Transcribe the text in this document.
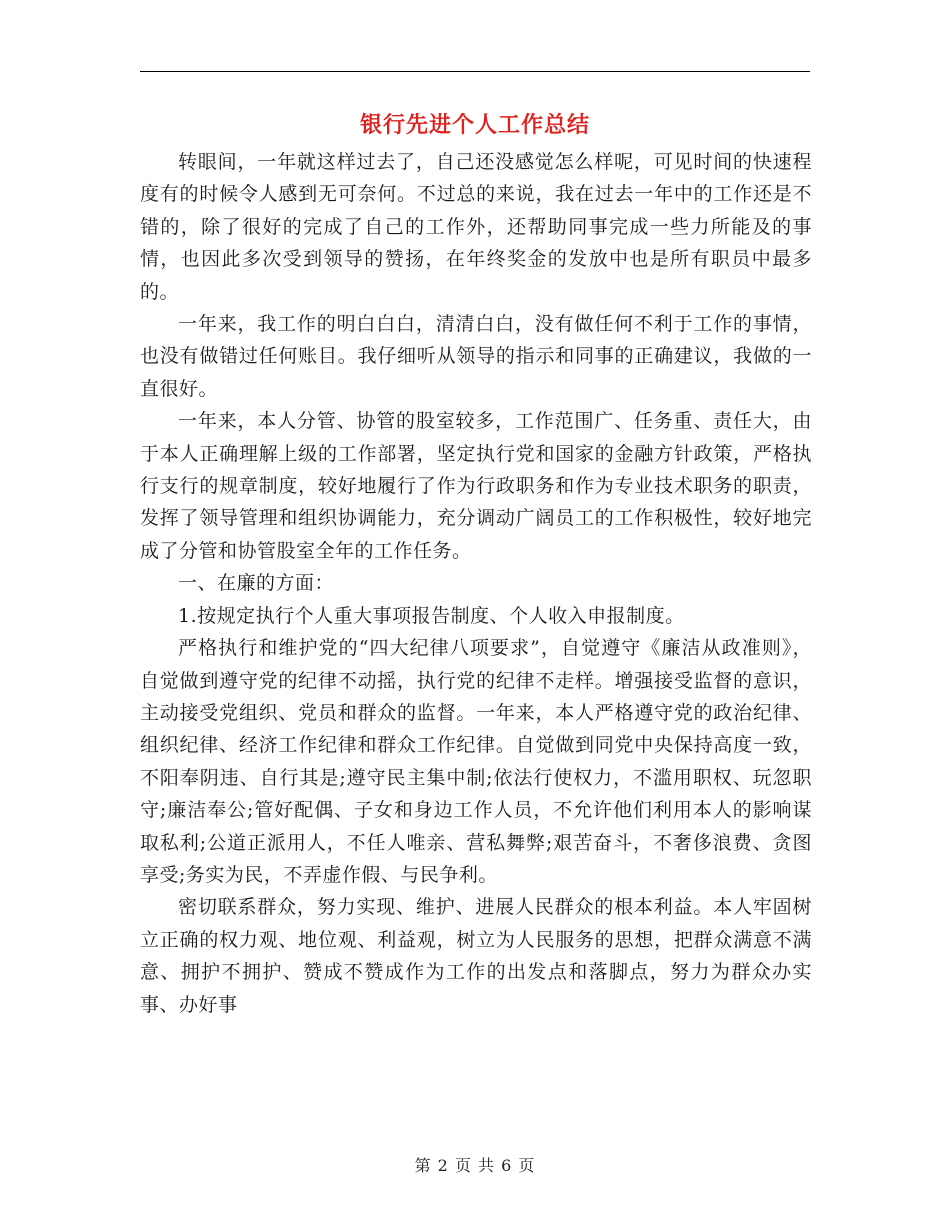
银行先进个人工作总结

转眼间，一年就这样过去了，自己还没感觉怎么样呢，可见时间的快速程度有的时候令人感到无可奈何。不过总的来说，我在过去一年中的工作还是不错的，除了很好的完成了自己的工作外，还帮助同事完成一些力所能及的事情，也因此多次受到领导的赞扬，在年终奖金的发放中也是所有职员中最多的。

一年来，我工作的明白白白，清清白白，没有做任何不利于工作的事情，也没有做错过任何账目。我仔细听从领导的指示和同事的正确建议，我做的一直很好。

一年来，本人分管、协管的股室较多，工作范围广、任务重、责任大，由于本人正确理解上级的工作部署，坚定执行党和国家的金融方针政策，严格执行支行的规章制度，较好地履行了作为行政职务和作为专业技术职务的职责，发挥了领导管理和组织协调能力，充分调动广阔员工的工作积极性，较好地完成了分管和协管股室全年的工作任务。

一、在廉的方面：

1.按规定执行个人重大事项报告制度、个人收入申报制度。

严格执行和维护党的“四大纪律八项要求”，自觉遵守《廉洁从政准则》，自觉做到遵守党的纪律不动摇，执行党的纪律不走样。增强接受监督的意识，主动接受党组织、党员和群众的监督。一年来，本人严格遵守党的政治纪律、组织纪律、经济工作纪律和群众工作纪律。自觉做到同党中央保持高度一致，不阳奉阴违、自行其是;遵守民主集中制;依法行使权力，不滥用职权、玩忽职守;廉洁奉公;管好配偶、子女和身边工作人员，不允许他们利用本人的影响谋取私利;公道正派用人，不任人唯亲、营私舞弊;艰苦奋斗，不奢侈浪费、贪图享受;务实为民，不弄虚作假、与民争利。

密切联系群众，努力实现、维护、进展人民群众的根本利益。本人牢固树立正确的权力观、地位观、利益观，树立为人民服务的思想，把群众满意不满意、拥护不拥护、赞成不赞成作为工作的出发点和落脚点，努力为群众办实事、办好事

第 2 页 共 6 页
